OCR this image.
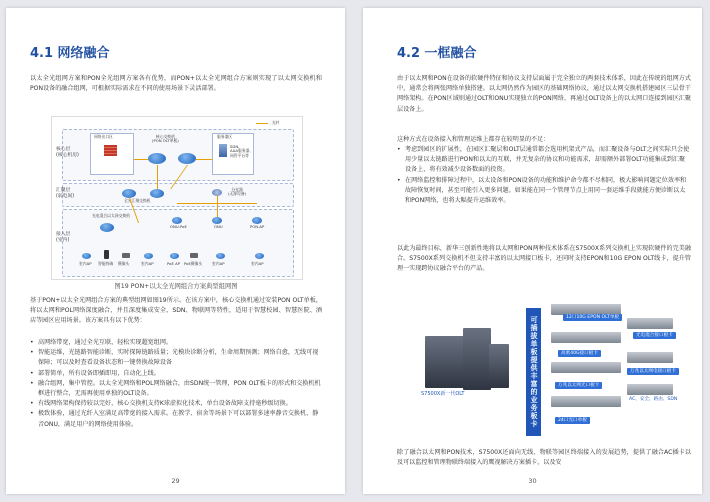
4.1 网络融合
以太全光组网方案和PON全光组网方案各有优势，而PON+以太全光网组合方案则实现了以太网交换机和PON设备的融合组网，可根据实际需求在不同的使用场景下灵活部署。
光纤
核心层
(核心机房)
汇聚层
(弱电间)
接入层
(室内)
网络出口区	核心交换机
(PON OLT单板)
服务器区
SDN、
AAA服务器、
网管平台等
全光汇聚交换机
分光器
(无源设备)
光电混合以太网交换机
ONU-PoE	ONU	PON-AP
室内AP 智能终端 摄像头	室内AP	PoE AP PoE摄像头	室内AP	室内AP
图19 PON+以太全光网组合方案典型组网图
基于PON+以太全光网组合方案的典型组网如图19所示。在该方案中，核心交换机通过安装PON OLT单板，将以太网和POL网络深度融合，并且深度集成安全、SDN、物联网等特性，适用于智慧校园、智慧医院、酒店等园区应用场景。该方案具有以下优势：
• 高网络带宽，通过全光互联，轻松实现超宽组网。
• 智能运维，光链路智能诊断，实时探障链路质量；光模块诊断分析，生命周期预测；网络自愈，无线可视保障；可以及时查看设备状态和一键替换故障设备
• 部署简单，所有设备即插即用，自动化上线。
• 融合组网，集中管控。以太全光网络和POL网络融合，由SDN统一管理，PON OLT板卡的形式和交换机机框进行整合，无需再使用单独的OLT设备。
• 有线网络架构保持较以完好，核心交换机支持K球虚拟化技术，单台设备故障支持毫秒级切换。
• 极致体验，通过光纤入室满足高带宽的接入需求。在教学、宿舍等场景下可以部署多速率静音交换机、静音ONU，满足用户的网络使用体验。
29
4.2 一框融合
由于以太网和PON在设备的软硬件特征和协议支持层面属于完全独立的两套技术体系，因此在传统的组网方式中，通常会将两张网络单独搭建。以太网仍然作为园区的基础网络协议，通过以太网交换机搭建园区三层骨干网络架构。在PON区域则通过OLT和ONU实现独立的PON网络，再通过OLT设备上的以太网口连接到园区汇聚层设备上。
这种方式在设备接入和管理运维上都存在较明显的不足：
• 考虑到园区的扩展性，在园区汇聚层和OLT层通常都会选用机架式产品，而汇聚设备与OLT之间实际只会使用少量以太链路进行PON和以太的互联，并无复杂的协议和功能需求，却需额外部署OLT功能集成到汇聚设备上，将有效减少设备数面的投资。
• 在网络监控和排障过程中，以太设备和PON设备的功能和维护命令都不尽相同，极大影响问题定位效率和故障恢复时间，甚至可能引入更多问题。如果能在同一个管理节点上用同一套运维手段就能方便诊断以太和PON网络，也将大幅提升运维效率。
以此为最终目标，新华三创新性地将以太网和PON两种技术体系在S7500X系列交换机上实现软硬件的完美融合。S7500X系列交换机不但支持丰富的以太网接口板卡，还同时支持EPON和10G EPON OLT线卡，提升管理一实现跨协议融合平台的产品。
S7500X新一代OLT	可插拔单板提供丰富的业务板卡	12口10G EPON OLT单板
高密40G接口板卡
万兆以太网光口板卡
24口光口单板
光电混合接口板卡
万兆以太网电接口板卡
AC、安全、路由、SDN
除了融合以太网和PON技术，S7500X还面向无线、物联等园区终端接入的发展趋势，提供了融合AC插卡以及可以监控和管理物联终端接入的鹰视解决方案插卡，以及安
30
